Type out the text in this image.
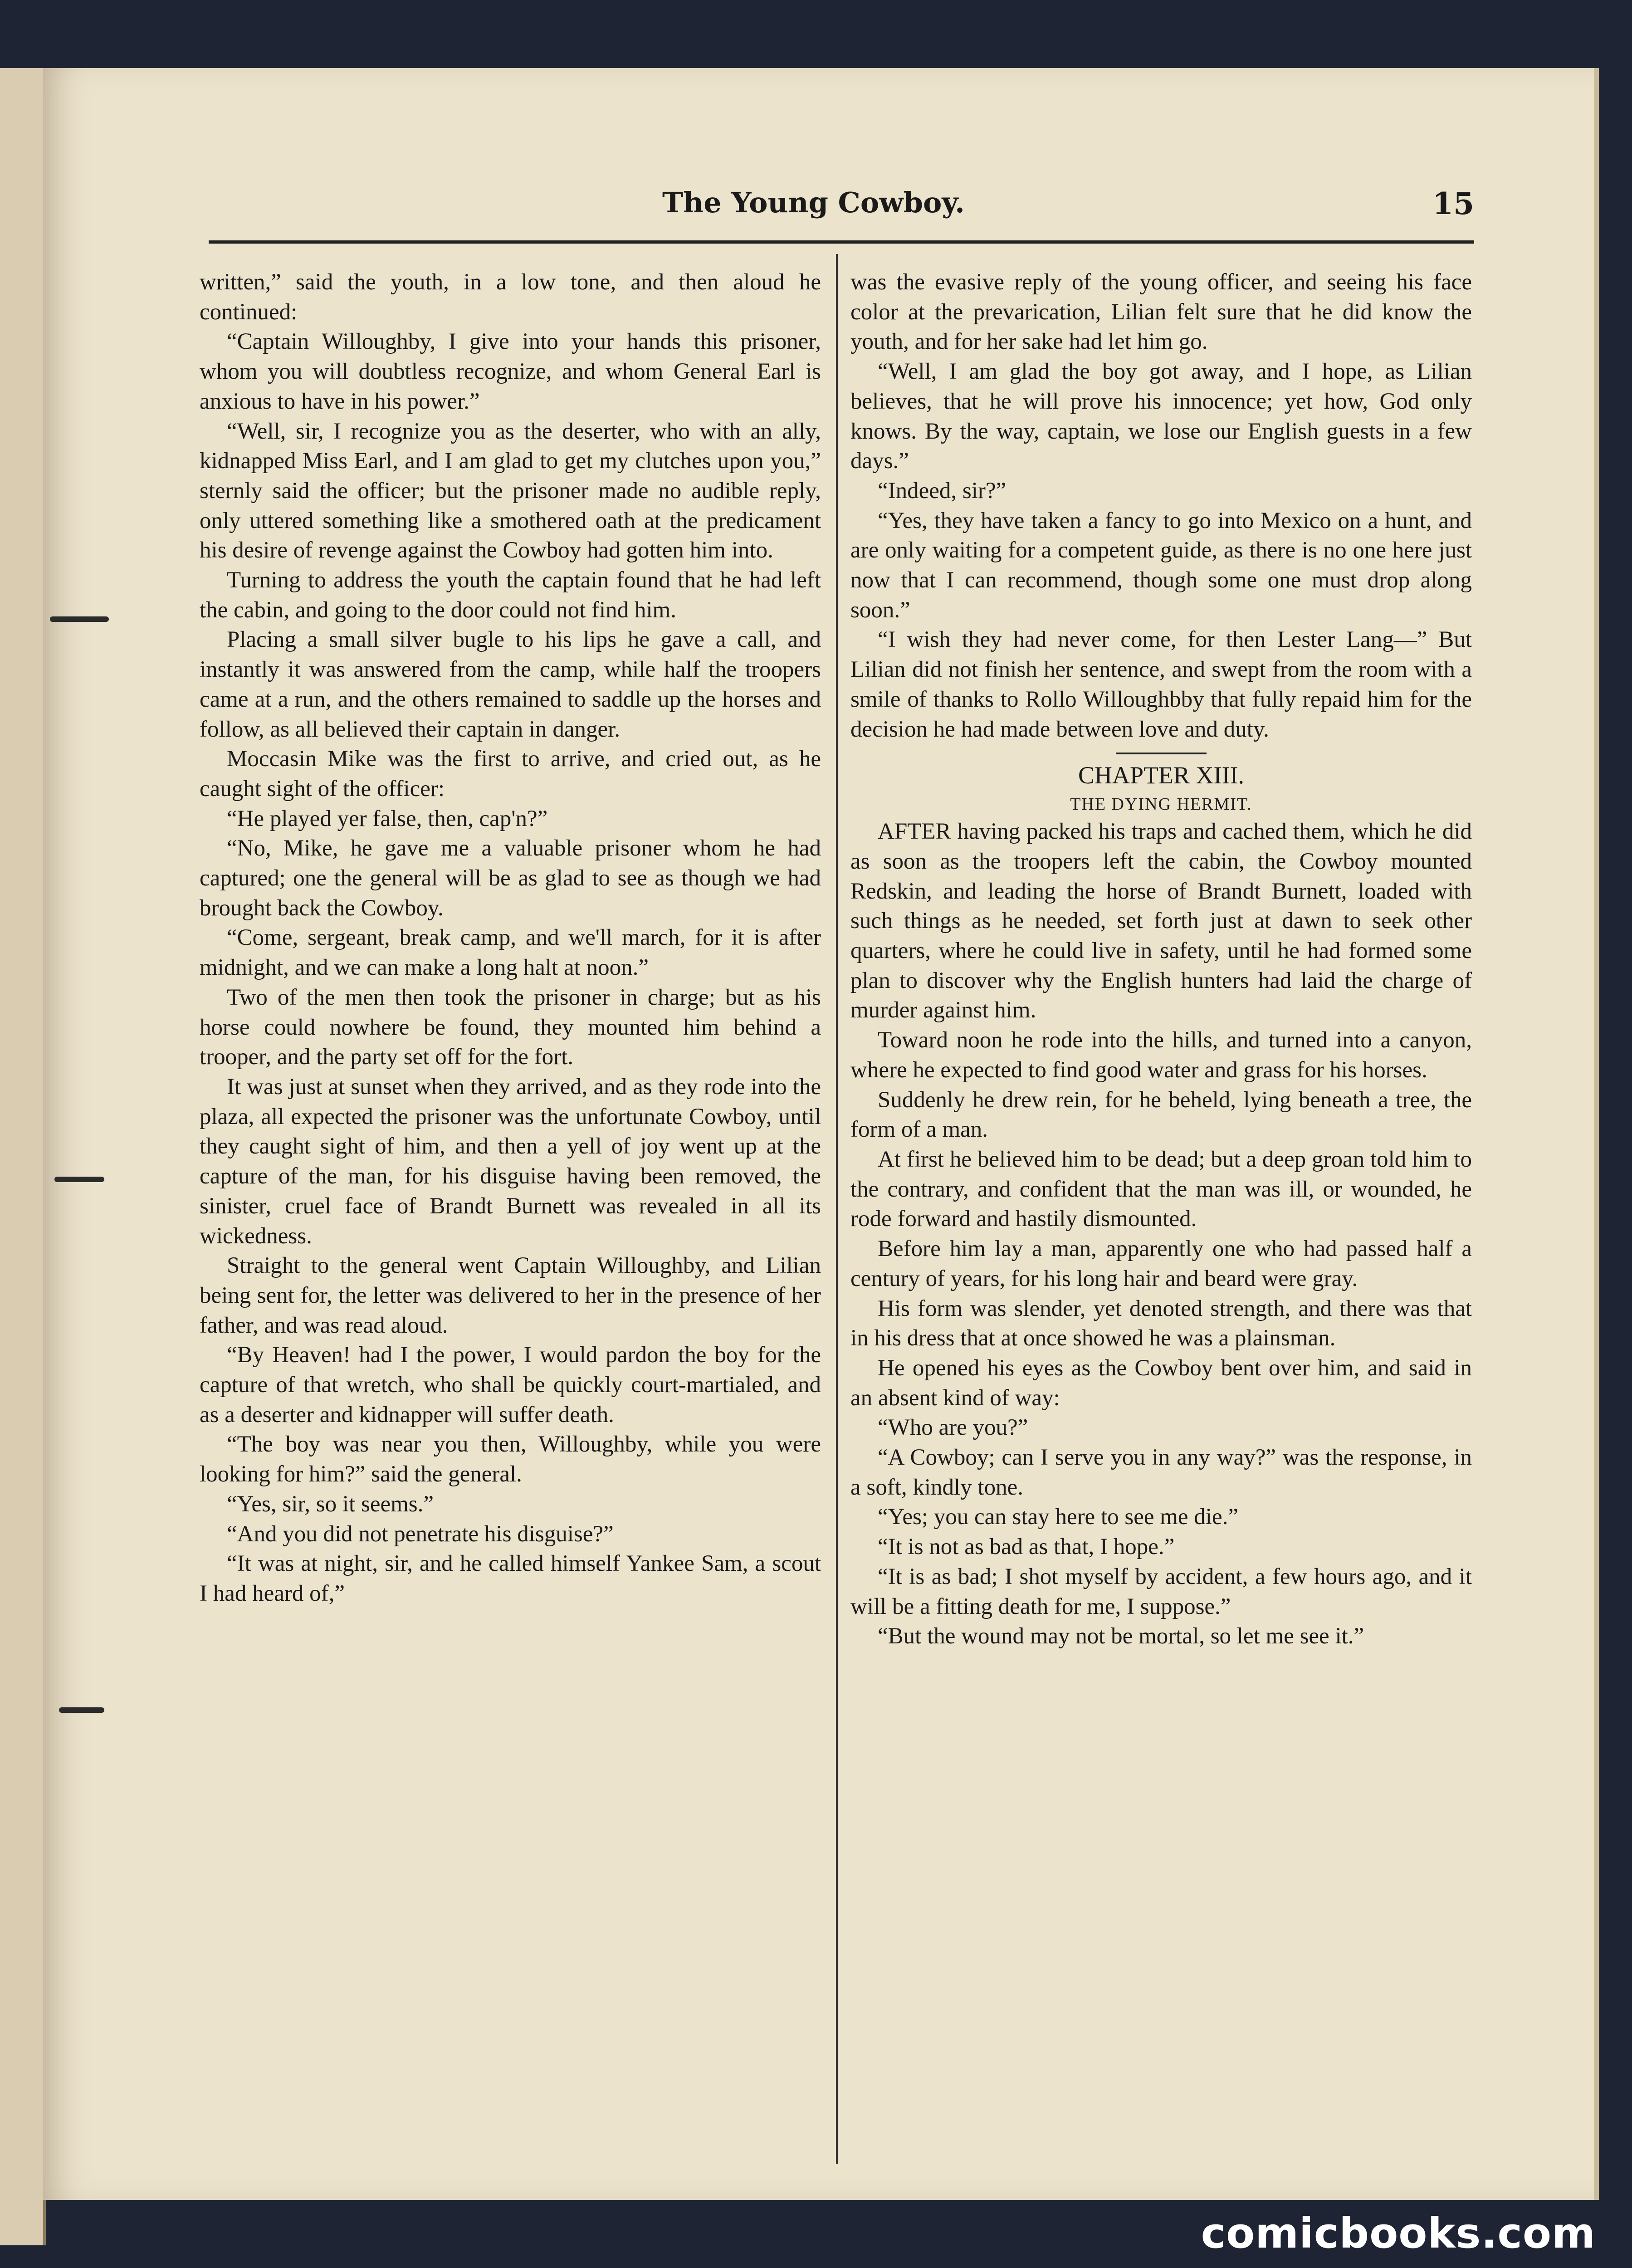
The Young Cowboy.	15

written,” said the youth, in a low tone, and then aloud he continued:

“Captain Willoughby, I give into your hands this prisoner, whom you will doubtless recognize, and whom General Earl is anxious to have in his power.”

“Well, sir, I recognize you as the deserter, who with an ally, kidnapped Miss Earl, and I am glad to get my clutches upon you,” sternly said the officer; but the prisoner made no audible reply, only uttered something like a smothered oath at the predicament his desire of revenge against the Cowboy had gotten him into.

Turning to address the youth the captain found that he had left the cabin, and going to the door could not find him.

Placing a small silver bugle to his lips he gave a call, and instantly it was answered from the camp, while half the troopers came at a run, and the others remained to saddle up the horses and follow, as all believed their captain in danger.

Moccasin Mike was the first to arrive, and cried out, as he caught sight of the officer:

“He played yer false, then, cap'n?”

“No, Mike, he gave me a valuable prisoner whom he had captured; one the general will be as glad to see as though we had brought back the Cowboy.

“Come, sergeant, break camp, and we'll march, for it is after midnight, and we can make a long halt at noon.”

Two of the men then took the prisoner in charge; but as his horse could nowhere be found, they mounted him behind a trooper, and the party set off for the fort.

It was just at sunset when they arrived, and as they rode into the plaza, all expected the prisoner was the unfortunate Cowboy, until they caught sight of him, and then a yell of joy went up at the capture of the man, for his disguise having been removed, the sinister, cruel face of Brandt Burnett was revealed in all its wickedness.

Straight to the general went Captain Willoughby, and Lilian being sent for, the letter was delivered to her in the presence of her father, and was read aloud.

“By Heaven! had I the power, I would pardon the boy for the capture of that wretch, who shall be quickly court-martialed, and as a deserter and kidnapper will suffer death.

“The boy was near you then, Willoughby, while you were looking for him?” said the general.

“Yes, sir, so it seems.”

“And you did not penetrate his disguise?”

“It was at night, sir, and he called himself Yankee Sam, a scout I had heard of,”

was the evasive reply of the young officer, and seeing his face color at the prevarication, Lilian felt sure that he did know the youth, and for her sake had let him go.

“Well, I am glad the boy got away, and I hope, as Lilian believes, that he will prove his innocence; yet how, God only knows. By the way, captain, we lose our English guests in a few days.”

“Indeed, sir?”

“Yes, they have taken a fancy to go into Mexico on a hunt, and are only waiting for a competent guide, as there is no one here just now that I can recommend, though some one must drop along soon.”

“I wish they had never come, for then Lester Lang—” But Lilian did not finish her sentence, and swept from the room with a smile of thanks to Rollo Willoughbby that fully repaid him for the decision he had made between love and duty.

CHAPTER XIII.
THE DYING HERMIT.

AFTER having packed his traps and cached them, which he did as soon as the troopers left the cabin, the Cowboy mounted Redskin, and leading the horse of Brandt Burnett, loaded with such things as he needed, set forth just at dawn to seek other quarters, where he could live in safety, until he had formed some plan to discover why the English hunters had laid the charge of murder against him.

Toward noon he rode into the hills, and turned into a canyon, where he expected to find good water and grass for his horses.

Suddenly he drew rein, for he beheld, lying beneath a tree, the form of a man.

At first he believed him to be dead; but a deep groan told him to the contrary, and confident that the man was ill, or wounded, he rode forward and hastily dismounted.

Before him lay a man, apparently one who had passed half a century of years, for his long hair and beard were gray.

His form was slender, yet denoted strength, and there was that in his dress that at once showed he was a plainsman.

He opened his eyes as the Cowboy bent over him, and said in an absent kind of way:

“Who are you?”

“A Cowboy; can I serve you in any way?” was the response, in a soft, kindly tone.

“Yes; you can stay here to see me die.”

“It is not as bad as that, I hope.”

“It is as bad; I shot myself by accident, a few hours ago, and it will be a fitting death for me, I suppose.”

“But the wound may not be mortal, so let me see it.”

comicbooks.com
